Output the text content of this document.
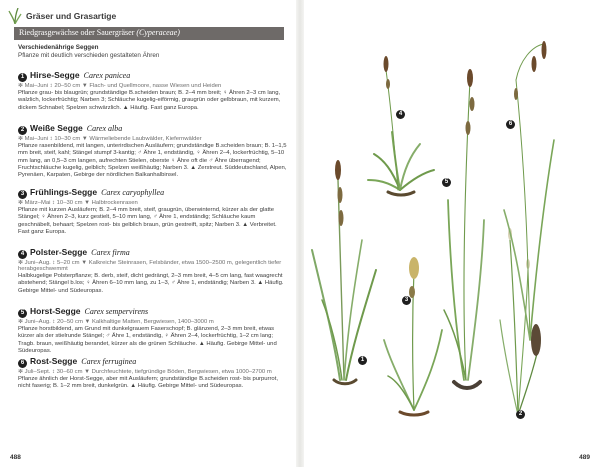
Gräser und Grasartige
Riedgrasgewächse oder Sauergräser (Cyperaceae)
Verschiedenährige Seggen
Pflanze mit deutlich verschieden gestalteten Ähren
1 Hirse-Segge Carex panicea
✻ Mai–Juni ↕ 20–50 cm ▼ Flach- und Quellmoore, nasse Wiesen und Heiden
Pflanze grau- bis blaugrün; grundständige B.scheiden braun; B. 2–4 mm breit; ♀ Ähren 2–3 cm lang, walzlich, lockerfrüchtig; Narben 3; Schläuche kugelig-eiförmig, graugrün oder gelbbraun, mit kurzem, dickem Schnabel; Spelzen schwärzlich. ▲ Häufig. Fast ganz Europa.
2 Weiße Segge Carex alba
✻ Mai–Juni ↕ 10–30 cm ▼ Wärmeliebende Laubwälder, Kiefernwälder
Pflanze rasenbildend, mit langen, unterirdischen Ausläufern; grundständige B.scheiden braun; B. 1–1,5 mm breit, steif, kahl; Stängel stumpf 3-kantig; ♂ Ähre 1, endständig, ♀ Ähren 2–4, lockerfrüchtig, 5–10 mm lang, an 0,5–3 cm langen, aufrechten Stielen, oberste ♀ Ähre oft die ♂ Ähre überragend; Fruchtschläuche kugelig, gelblich; Spelzen weißhäutig; Narben 3. ▲ Zerstreut. Süddeutschland, Alpen, Pyrenäen, Karpaten, Gebirge der nördlichen Balkanhalbinsel.
3 Frühlings-Segge Carex caryophyllea
✻ März–Mai ↕ 10–30 cm ▼ Halbtrockenrasen
Pflanze mit kurzen Ausläufern; B. 2–4 mm breit, steif, graugrün, überwinternd, kürzer als der glatte Stängel; ♀ Ähren 2–3, kurz gestielt, 5–10 mm lang, ♂ Ähre 1, endständig; Schläuche kaum geschnäbelt, behaart; Spelzen rost- bis gelblich braun, grün gestreift, spitz; Narben 3. ▲ Verbreitet. Fast ganz Europa.
4 Polster-Segge Carex firma
✻ Juni–Aug. ↕ 5–20 cm ▼ Kalkreiche Steinrasen, Felsbänder, etwa 1500–2500 m, gelegentlich tiefer herabgeschwemmt
Halbkugelige Polsterpflanze; B. derb, steif, dicht gedrängt, 2–3 mm breit, 4–5 cm lang, fast waagrecht abstehend; Stängel b.los; ♀ Ähren 6–10 mm lang, zu 1–3, ♂ Ähre 1, endständig; Narben 3. ▲ Häufig. Gebirge Mittel- und Südeuropas.
5 Horst-Segge Carex sempervirens
✻ Juni–Aug. ↕ 20–50 cm ▼ Kalkhaltige Matten, Bergwiesen, 1400–3000 m
Pflanze horstbildend, am Grund mit dunkelgrauem Faserschopf; B. glänzend, 2–3 mm breit, etwas kürzer als der stielrunde Stängel; ♂ Ähre 1, endständig, ♀ Ähren 2–4, lockerfrüchtig, 1–2 cm lang; Tragb. braun, weißhäutig berandet, kürzer als die grünen Schläuche. ▲ Häufig. Gebirge Mittel- und Südeuropas.
6 Rost-Segge Carex ferruginea
✻ Juli–Sept. ↕ 30–60 cm ▼ Durchfeuchtete, tiefgründige Böden, Bergwiesen, etwa 1000–2700 m
Pflanze ähnlich der Horst-Segge, aber mit Ausläufern; grundständige B.scheiden rost- bis purpurrot, nicht faserig; B. 1–2 mm breit, dunkelgrün. ▲ Häufig. Gebirge Mittel- und Südeuropas.
488	489
1
2
3
4
5
6
